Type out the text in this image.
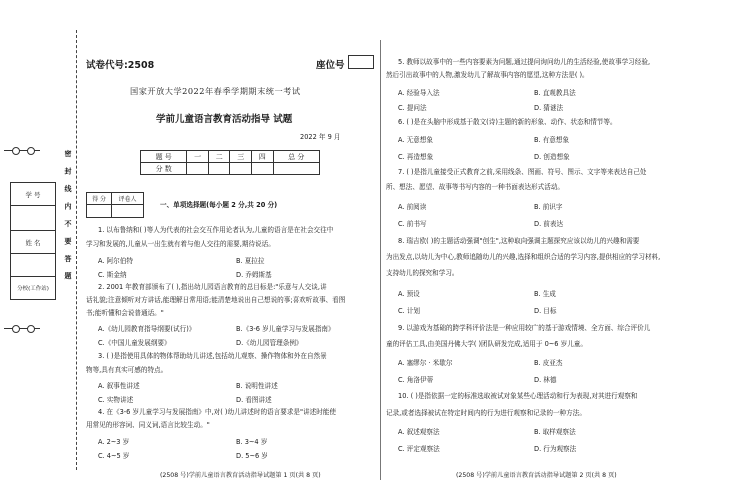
学 号

姓 名

分校(工作站)
密 封 线 内 不 要 答 题
试卷代号:2508	座位号
国家开放大学2022年春季学期期末统一考试
学前儿童语言教育活动指导 试题
2022 年 9 月
题 号	一	二	三	四	总 分
分 数					
得 分	评卷人

一、单项选择题(每小题 2 分,共 20 分)
1. 以布鲁纳和( )等人为代表的社会交互作用论者认为,儿童的语言是在社会交往中
学习和发展的,儿童从一出生就有着与他人交往的需要,期待说话。
A. 阿尔伯特	B. 夏拉拉
C. 斯金纳	D. 乔姆斯基
2. 2001 年教育部颁布了( ),指出幼儿园语言教育的总目标是:"乐意与人交谈,讲
话礼貌;注意倾听对方讲话,能理解日常用语;能清楚地说出自己想说的事;喜欢听故事、看图
书;能听懂和会说普通话。"
A.《幼儿园教育指导纲要(试行)》	B.《3-6 岁儿童学习与发展指南》
C.《中国儿童发展纲要》	D.《幼儿园管理条例》
3. ( )是指使用具体的物体帮助幼儿讲述,包括幼儿观察、操作物体和外在自然景
物等,具有真实可感的特点。
A. 叙事性讲述	B. 说明性讲述
C. 实物讲述	D. 看图讲述
4. 在《3-6 岁儿童学习与发展指南》中,对( )幼儿讲述时的语言要求是"讲述时能使
用常见的形容词、同义词,语言比较生动。"
A. 2~3 岁	B. 3~4 岁
C. 4~5 岁	D. 5~6 岁
(2508 号)学前儿童语言教育活动指导试题第 1 页(共 8 页)
5. 教师以故事中的一些内容要素为问题,通过提问询问幼儿的生活经验,使故事学习经验,
然后引出故事中的人物,激发幼儿了解故事内容的愿望,这种方法是( )。
A. 经验导入法	B. 直观教具法
C. 提问法	D. 猜谜法
6. ( )是在头脑中形成基于散文(诗)主题的新的形象、动作、状态和情节等。
A. 无意想象	B. 有意想象
C. 再造想象	D. 创造想象
7. ( )是指儿童接受正式教育之前,采用线条、图画、符号、图示、文字等来表达自己处
所、想法、愿望、故事等书写内容的一种书面表达形式活动。
A. 前阅读	B. 前识字
C. 前书写	D. 前表达
8. 瑞吉欧( )的主题活动强调"创生",这种取向强调主题探究应该以幼儿的兴趣和需要
为出发点,以幼儿为中心,教师追随幼儿的兴趣,选择和组织合适的学习内容,提供相应的学习材料,
支持幼儿的探究和学习。
A. 预设	B. 生成
C. 计划	D. 目标
9. 以游戏为基础的跨学科评价法是一种应用较广的基于游戏情境、全方面、综合评价儿
童的评估工具,由美国丹佛大学( )团队研发完成,适用于 0~6 岁儿童。
A. 塞缪尔 · 米歇尔	B. 皮亚杰
C. 角洛伊蒂	D. 林德
10. ( )是指依据一定的标准选取被试对象某些心理活动和行为表现,对其进行观察和
记录,或者选择被试在特定时间内的行为进行观察和记录的一种方法。
A. 叙述观察法	B. 取样观察法
C. 评定观察法	D. 行为观察法
(2508 号)学前儿童语言教育活动指导试题第 2 页(共 8 页)
